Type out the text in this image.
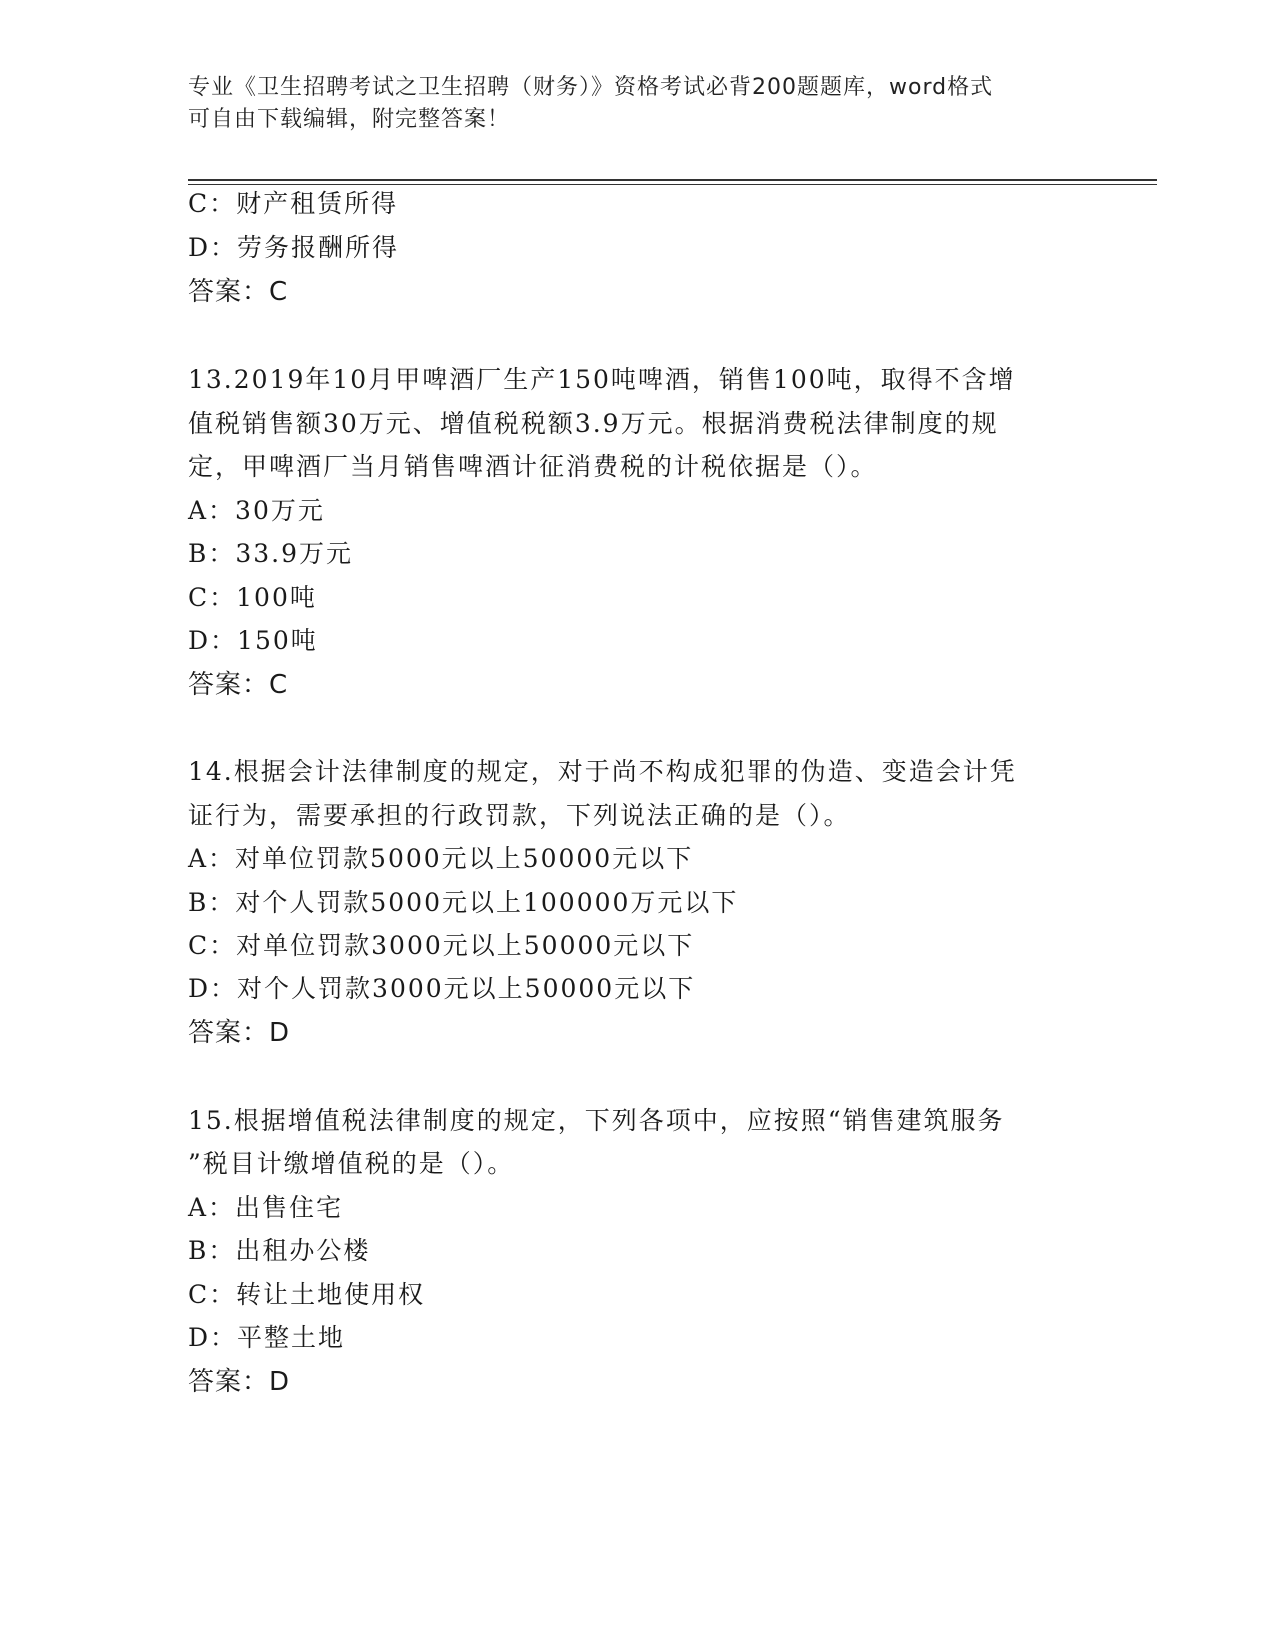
专业《卫生招聘考试之卫生招聘（财务）》资格考试必背200题题库，word格式
可自由下载编辑，附完整答案！
C：财产租赁所得
D：劳务报酬所得
答案：C
13.2019年10月甲啤酒厂生产150吨啤酒，销售100吨，取得不含增
值税销售额30万元、增值税税额3.9万元。根据消费税法律制度的规
定，甲啤酒厂当月销售啤酒计征消费税的计税依据是（）。
A：30万元
B：33.9万元
C：100吨
D：150吨
答案：C
14.根据会计法律制度的规定，对于尚不构成犯罪的伪造、变造会计凭
证行为，需要承担的行政罚款，下列说法正确的是（）。
A：对单位罚款5000元以上50000元以下
B：对个人罚款5000元以上100000万元以下
C：对单位罚款3000元以上50000元以下
D：对个人罚款3000元以上50000元以下
答案：D
15.根据增值税法律制度的规定，下列各项中，应按照“销售建筑服务
”税目计缴增值税的是（）。
A：出售住宅
B：出租办公楼
C：转让土地使用权
D：平整土地
答案：D
